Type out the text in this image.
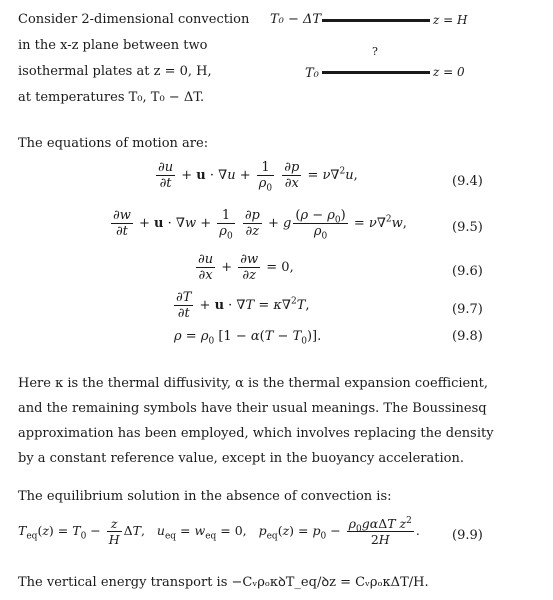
Consider 2-dimensional convection
in the x-z plane between two
isothermal plates at z = 0, H,
at temperatures T₀, T₀ − ΔT.
T₀ − ΔT	z = H
?
T₀	z = 0
The equations of motion are:
$\frac{\partial u}{\partial t} + u \cdot \nabla u + \frac{1}{\rho_0}$
$\frac{\partial p}{\partial x} = \nu\nabla^2u$,	(9.4)
$\frac{\partial w}{\partial t} + u \cdot \nabla w + \frac{1}{\rho_0}$
$\frac{\partial p}{\partial z} + g \frac{(\rho - \rho_0)}{\rho_0} = \nu\nabla^2w$,	(9.5)
$\frac{\partial u}{\partial x} + \frac{\partial w}{\partial z} = 0$,	(9.6)
$\frac{\partial T}{\partial t} + u \cdot \nabla T = \kappa\nabla^2T$,	(9.7)
$\rho = \rho_0$ $[1 - \alpha(T - T_0)]$.	(9.8)
Here κ is the thermal diffusivity, α is the thermal expansion coefficient,
and the remaining symbols have their usual meanings. The Boussinesq
approximation has been employed, which involves replacing the density
by a constant reference value, except in the buoyancy acceleration.
The equilibrium solution in the absence of convection is:
$T_{eq}(z) = T_0 - \frac{z}{H} \Delta T$,   $u_{eq} = w_{eq} = 0$,   $p_{eq}(z) = p_0 - \frac{\rho_0g\alpha\Delta T z^2}{2H}$ . (9.9)
The vertical energy transport is −CᵥρₒκꝺT_eq/ꝺz = CᵥρₒκΔT/H.
